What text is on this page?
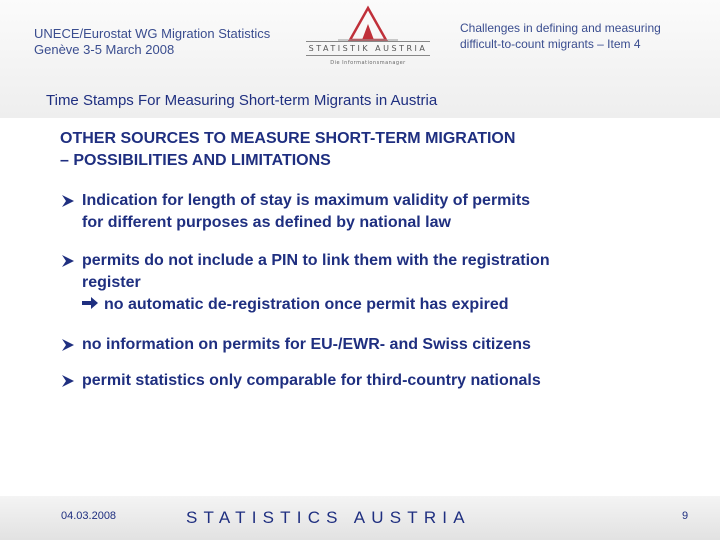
UNECE/Eurostat WG Migration Statistics
Genève 3-5 March 2008	STATISTIK AUSTRIA
Die Informationsmanager
Challenges in defining and measuring
difficult-to-count migrants – Item 4
Time Stamps For Measuring Short-term Migrants in Austria
OTHER SOURCES TO MEASURE SHORT-TERM MIGRATION
– POSSIBILITIES AND LIMITATIONS
Indication for length of stay is maximum validity of permits
for different purposes as defined by national law
permits do not include a PIN to link them with the registration
register
no automatic de-registration once permit has expired
no information on permits for EU-/EWR- and Swiss citizens
permit statistics only comparable for third-country nationals
04.03.2008	STATISTICS AUSTRIA	9
